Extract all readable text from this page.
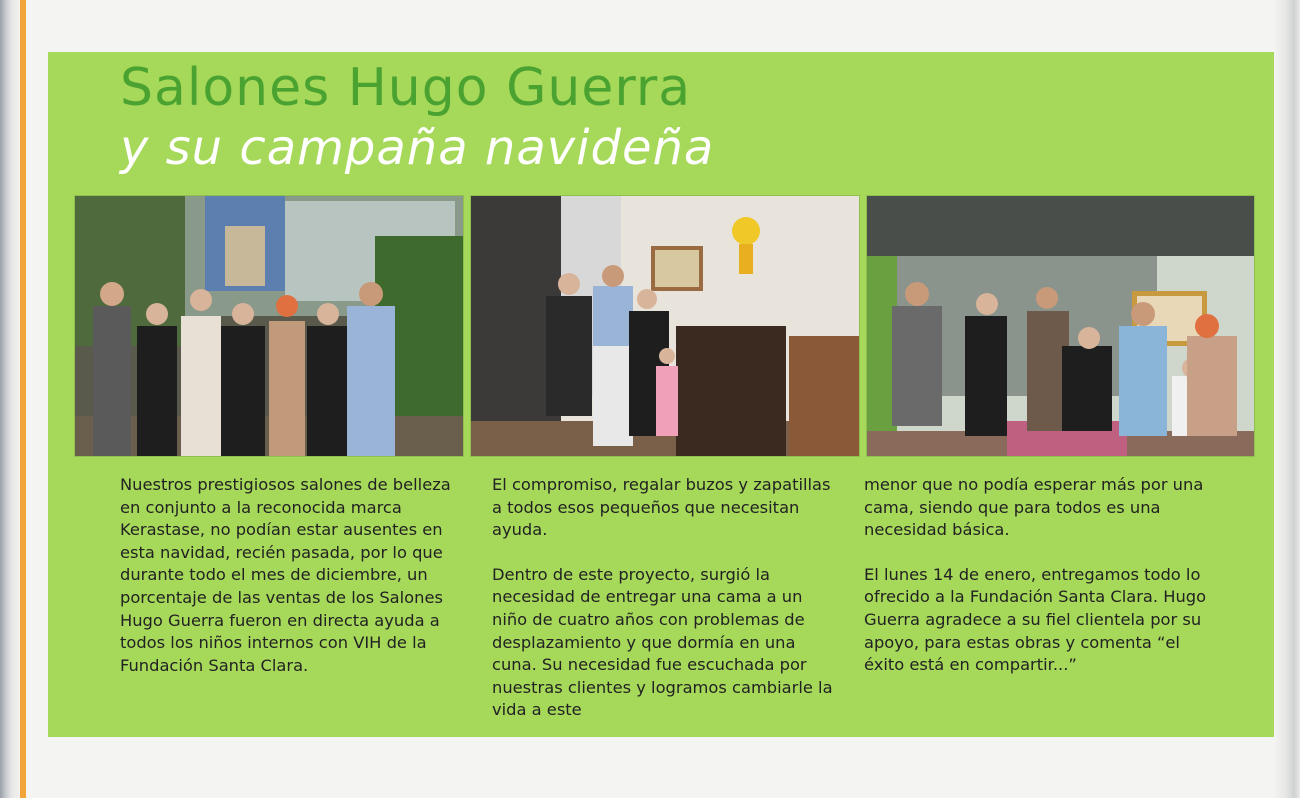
Salones Hugo Guerra
y su campaña navideña

Nuestros prestigiosos salones de belleza en conjunto a la reconocida marca Kerastase, no podían estar ausentes en esta navidad, recién pasada, por lo que durante todo el mes de diciembre, un porcentaje de las ventas de los Salones Hugo Guerra fueron en directa ayuda a todos los niños internos con VIH de la Fundación Santa Clara.

El compromiso, regalar buzos y zapatillas a todos esos pequeños que necesitan ayuda.

Dentro de este proyecto, surgió la necesidad de entregar una cama a un niño de cuatro años con problemas de desplazamiento y que dormía en una cuna. Su necesidad fue escuchada por nuestras clientes y logramos cambiarle la vida a este

menor que no podía esperar más por una cama, siendo que para todos es una necesidad básica.

El lunes 14 de enero, entregamos todo lo ofrecido a la Fundación Santa Clara. Hugo Guerra agradece a su fiel clientela por su apoyo, para estas obras y comenta “el éxito está en compartir...”
